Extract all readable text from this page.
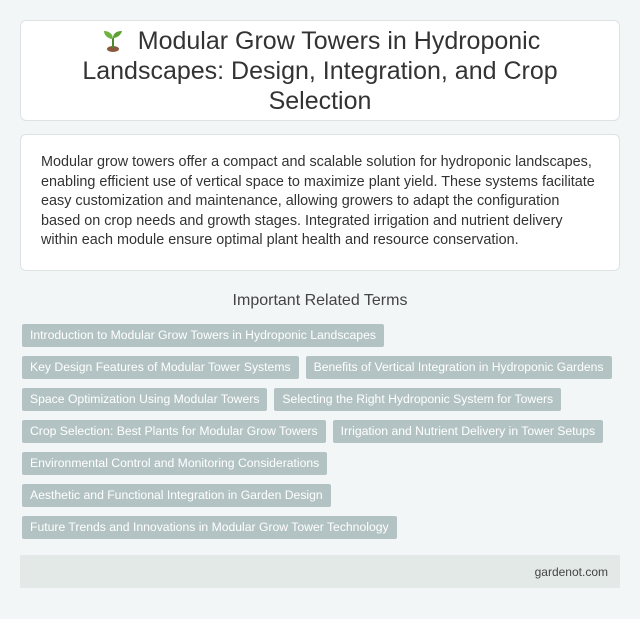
Modular Grow Towers in Hydroponic Landscapes: Design, Integration, and Crop Selection

Modular grow towers offer a compact and scalable solution for hydroponic landscapes, enabling efficient use of vertical space to maximize plant yield. These systems facilitate easy customization and maintenance, allowing growers to adapt the configuration based on crop needs and growth stages. Integrated irrigation and nutrient delivery within each module ensure optimal plant health and resource conservation.

Important Related Terms
Introduction to Modular Grow Towers in Hydroponic Landscapes
Key Design Features of Modular Tower Systems	Benefits of Vertical Integration in Hydroponic Gardens
Space Optimization Using Modular Towers	Selecting the Right Hydroponic System for Towers
Crop Selection: Best Plants for Modular Grow Towers	Irrigation and Nutrient Delivery in Tower Setups
Environmental Control and Monitoring Considerations
Aesthetic and Functional Integration in Garden Design
Future Trends and Innovations in Modular Grow Tower Technology
gardenot.com
